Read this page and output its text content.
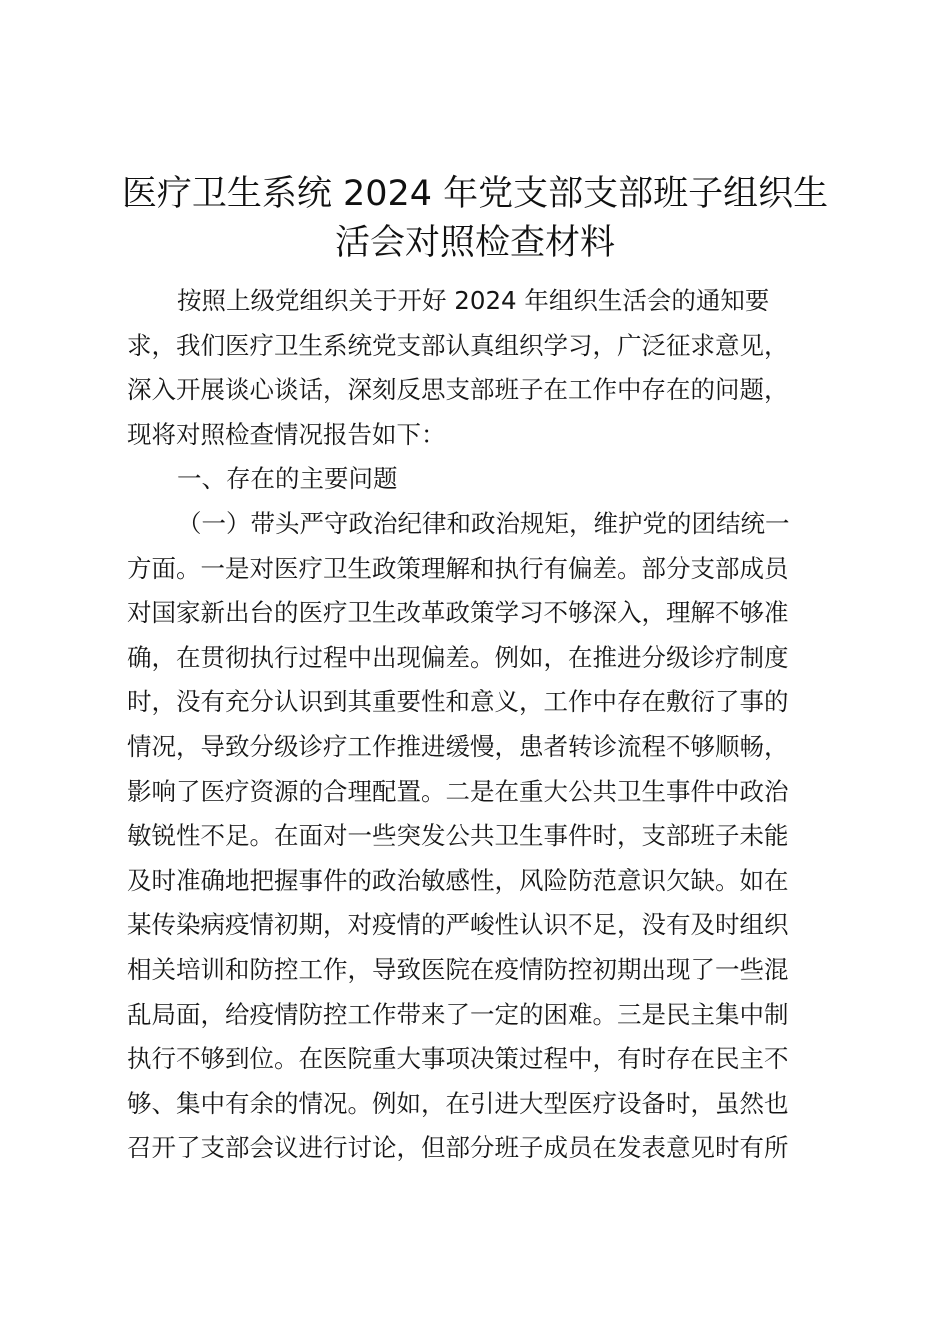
医疗卫生系统 2024 年党支部支部班子组织生
活会对照检查材料
按照上级党组织关于开好 2024 年组织生活会的通知要
求，我们医疗卫生系统党支部认真组织学习，广泛征求意见，
深入开展谈心谈话，深刻反思支部班子在工作中存在的问题，
现将对照检查情况报告如下：
一、存在的主要问题
（一）带头严守政治纪律和政治规矩，维护党的团结统一
方面。一是对医疗卫生政策理解和执行有偏差。部分支部成员
对国家新出台的医疗卫生改革政策学习不够深入，理解不够准
确，在贯彻执行过程中出现偏差。例如，在推进分级诊疗制度
时，没有充分认识到其重要性和意义，工作中存在敷衍了事的
情况，导致分级诊疗工作推进缓慢，患者转诊流程不够顺畅，
影响了医疗资源的合理配置。二是在重大公共卫生事件中政治
敏锐性不足。在面对一些突发公共卫生事件时，支部班子未能
及时准确地把握事件的政治敏感性，风险防范意识欠缺。如在
某传染病疫情初期，对疫情的严峻性认识不足，没有及时组织
相关培训和防控工作，导致医院在疫情防控初期出现了一些混
乱局面，给疫情防控工作带来了一定的困难。三是民主集中制
执行不够到位。在医院重大事项决策过程中，有时存在民主不
够、集中有余的情况。例如，在引进大型医疗设备时，虽然也
召开了支部会议进行讨论，但部分班子成员在发表意见时有所
